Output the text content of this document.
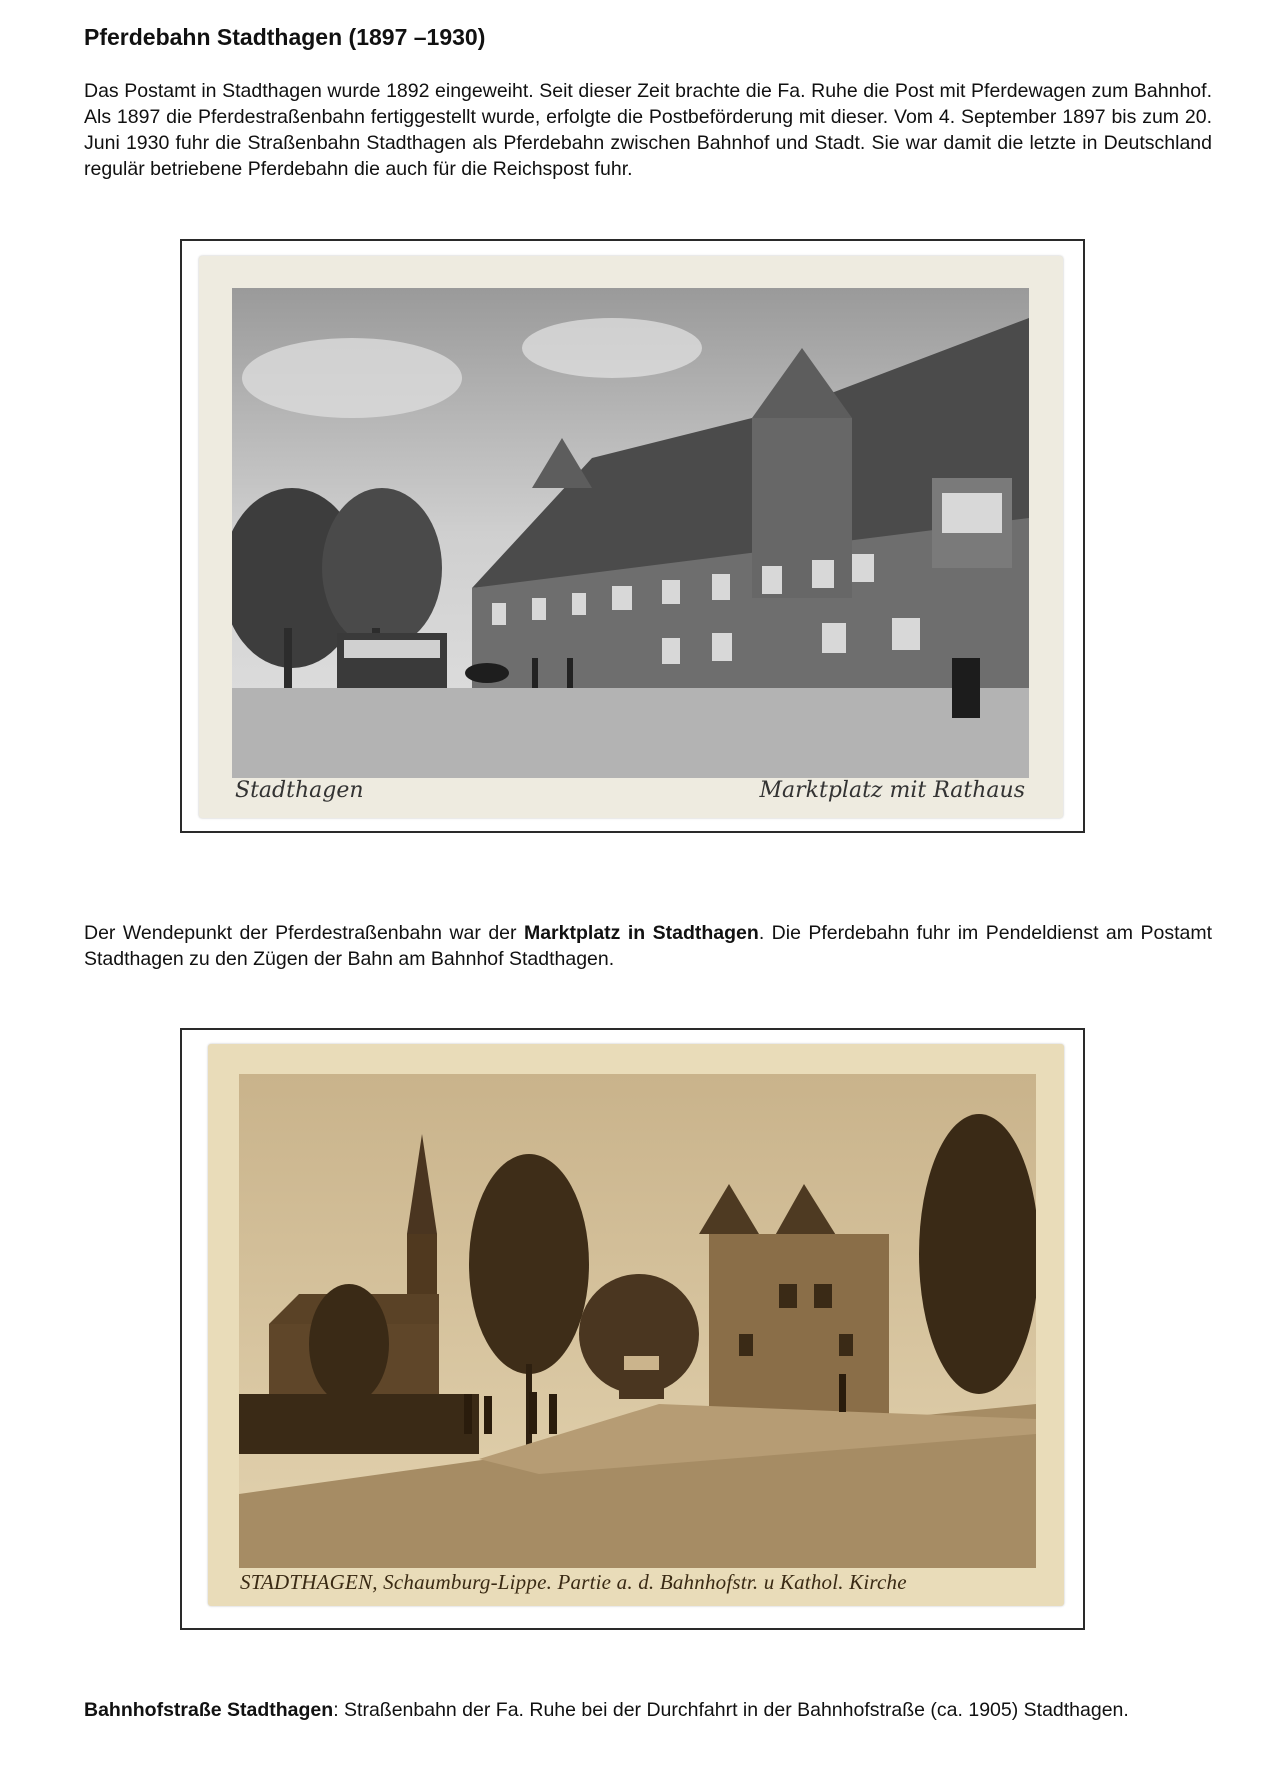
Pferdebahn Stadthagen (1897 –1930)

Das Postamt in Stadthagen wurde 1892 eingeweiht. Seit dieser Zeit brachte die Fa. Ruhe die Post mit Pferdewagen zum Bahnhof. Als 1897 die Pferdestraßenbahn fertiggestellt wurde, erfolgte die Postbeförderung mit dieser. Vom 4. September 1897 bis zum 20. Juni 1930 fuhr die Straßenbahn Stadthagen als Pferdebahn zwischen Bahnhof und Stadt. Sie war damit die letzte in Deutschland regulär betriebene Pferdebahn die auch für die Reichspost fuhr.

Stadthagen	Marktplatz mit Rathaus

Der Wendepunkt der Pferdestraßenbahn war der Marktplatz in Stadthagen. Die Pferdebahn fuhr im Pendeldienst am Postamt Stadthagen zu den Zügen der Bahn am Bahnhof Stadthagen.

STADTHAGEN, Schaumburg-Lippe. Partie a. d. Bahnhofstr. u Kathol. Kirche

Bahnhofstraße Stadthagen: Straßenbahn der Fa. Ruhe bei der Durchfahrt in der Bahnhofstraße (ca. 1905) Stadthagen.
